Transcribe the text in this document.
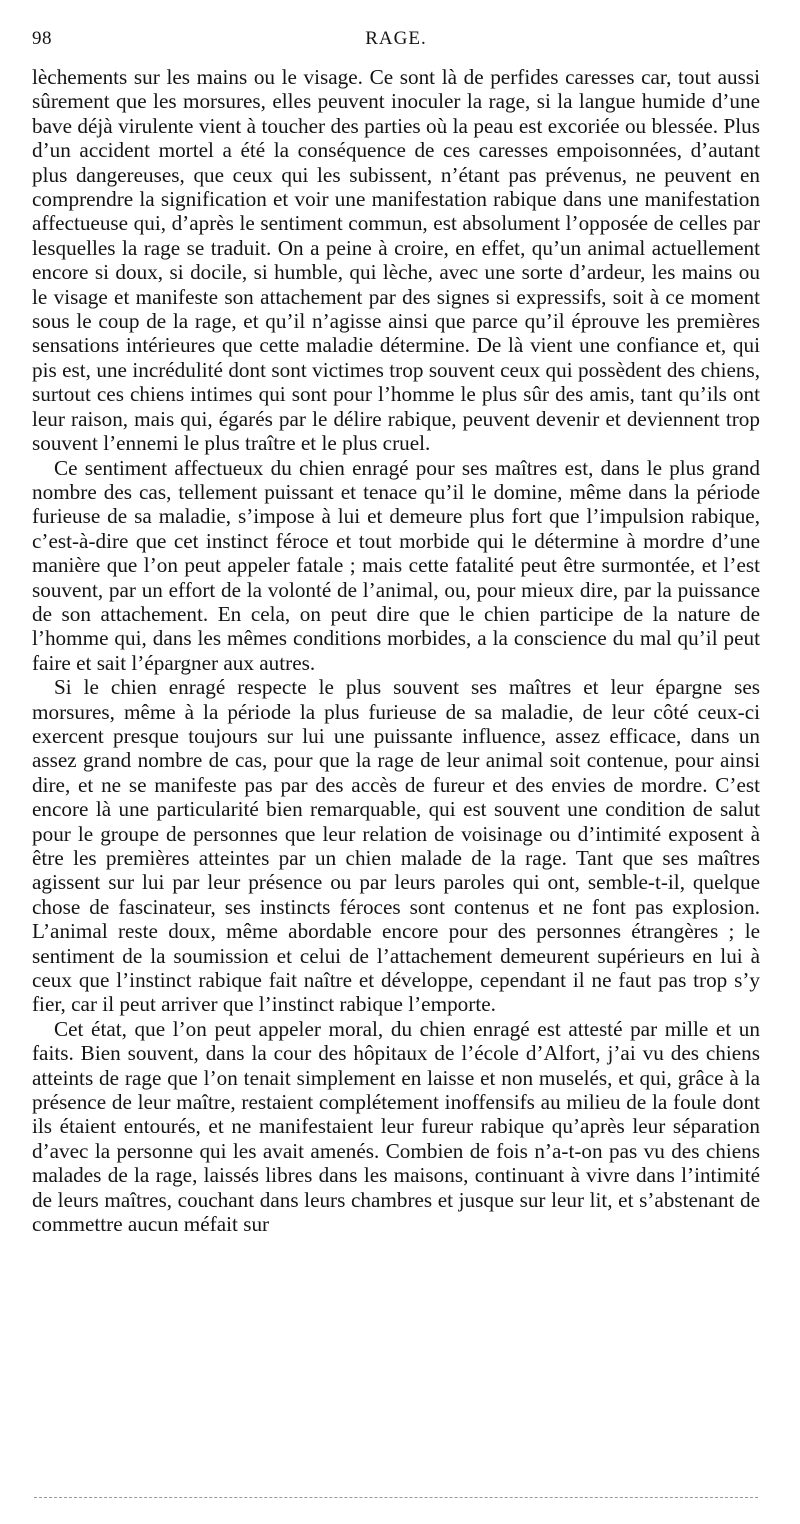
98	RAGE.

lèchements sur les mains ou le visage. Ce sont là de perfides caresses car, tout aussi sûrement que les morsures, elles peuvent inoculer la rage, si la langue humide d’une bave déjà virulente vient à toucher des parties où la peau est excoriée ou blessée. Plus d’un accident mortel a été la conséquence de ces caresses empoisonnées, d’autant plus dangereuses, que ceux qui les subissent, n’étant pas prévenus, ne peuvent en comprendre la signification et voir une manifestation rabique dans une manifestation affectueuse qui, d’après le sentiment commun, est absolument l’opposée de celles par lesquelles la rage se traduit. On a peine à croire, en effet, qu’un animal actuellement encore si doux, si docile, si humble, qui lèche, avec une sorte d’ardeur, les mains ou le visage et manifeste son attachement par des signes si expressifs, soit à ce moment sous le coup de la rage, et qu’il n’agisse ainsi que parce qu’il éprouve les premières sensations intérieures que cette maladie détermine. De là vient une confiance et, qui pis est, une incrédulité dont sont victimes trop souvent ceux qui possèdent des chiens, surtout ces chiens intimes qui sont pour l’homme le plus sûr des amis, tant qu’ils ont leur raison, mais qui, égarés par le délire rabique, peuvent devenir et deviennent trop souvent l’ennemi le plus traître et le plus cruel.

Ce sentiment affectueux du chien enragé pour ses maîtres est, dans le plus grand nombre des cas, tellement puissant et tenace qu’il le domine, même dans la période furieuse de sa maladie, s’impose à lui et demeure plus fort que l’impulsion rabique, c’est-à-dire que cet instinct féroce et tout morbide qui le détermine à mordre d’une manière que l’on peut appeler fatale ; mais cette fatalité peut être surmontée, et l’est souvent, par un effort de la volonté de l’animal, ou, pour mieux dire, par la puissance de son attachement. En cela, on peut dire que le chien participe de la nature de l’homme qui, dans les mêmes conditions morbides, a la conscience du mal qu’il peut faire et sait l’épargner aux autres.

Si le chien enragé respecte le plus souvent ses maîtres et leur épargne ses morsures, même à la période la plus furieuse de sa maladie, de leur côté ceux-ci exercent presque toujours sur lui une puissante influence, assez efficace, dans un assez grand nombre de cas, pour que la rage de leur animal soit contenue, pour ainsi dire, et ne se manifeste pas par des accès de fureur et des envies de mordre. C’est encore là une particularité bien remarquable, qui est souvent une condition de salut pour le groupe de personnes que leur relation de voisinage ou d’intimité exposent à être les premières atteintes par un chien malade de la rage. Tant que ses maîtres agissent sur lui par leur présence ou par leurs paroles qui ont, semble-t-il, quelque chose de fascinateur, ses instincts féroces sont contenus et ne font pas explosion. L’animal reste doux, même abordable encore pour des personnes étrangères ; le sentiment de la soumission et celui de l’attachement demeurent supérieurs en lui à ceux que l’instinct rabique fait naître et développe, cependant il ne faut pas trop s’y fier, car il peut arriver que l’instinct rabique l’emporte.

Cet état, que l’on peut appeler moral, du chien enragé est attesté par mille et un faits. Bien souvent, dans la cour des hôpitaux de l’école d’Alfort, j’ai vu des chiens atteints de rage que l’on tenait simplement en laisse et non muselés, et qui, grâce à la présence de leur maître, restaient complétement inoffensifs au milieu de la foule dont ils étaient entourés, et ne manifestaient leur fureur rabique qu’après leur séparation d’avec la personne qui les avait amenés. Combien de fois n’a-t-on pas vu des chiens malades de la rage, laissés libres dans les maisons, continuant à vivre dans l’intimité de leurs maîtres, couchant dans leurs chambres et jusque sur leur lit, et s’abstenant de commettre aucun méfait sur
